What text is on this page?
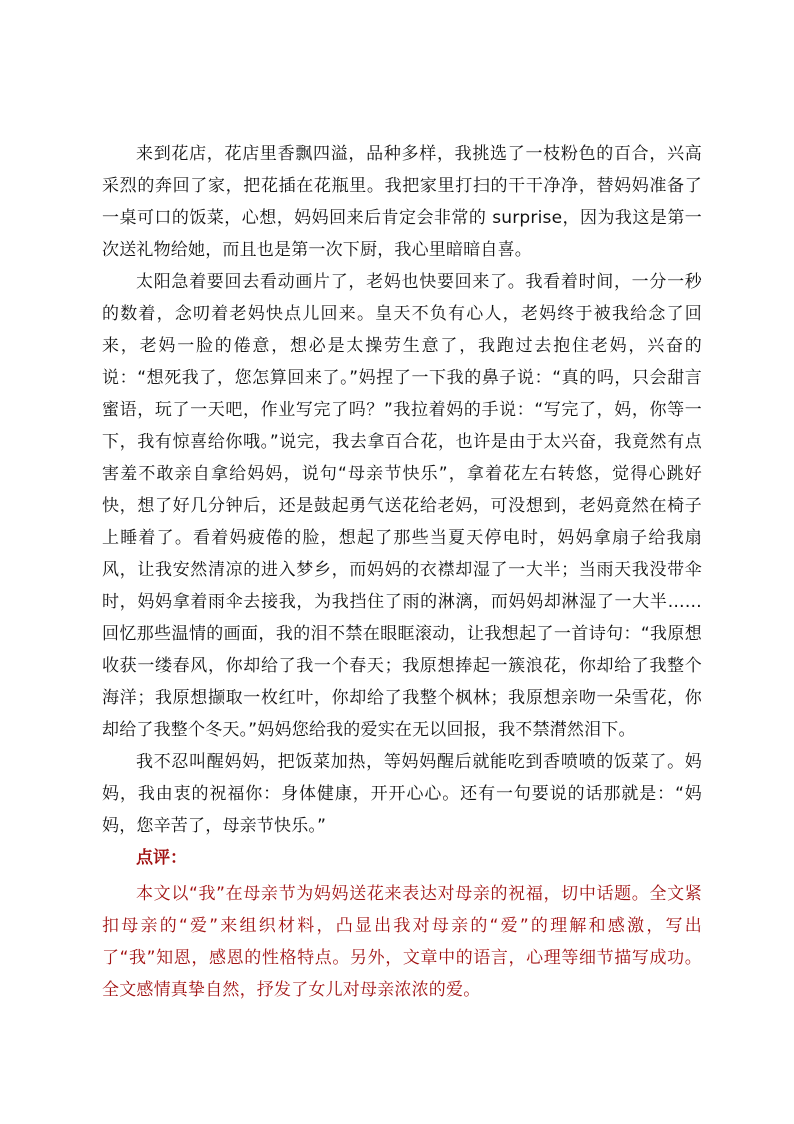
来到花店，花店里香飘四溢，品种多样，我挑选了一枝粉色的百合，兴高采烈的奔回了家，把花插在花瓶里。我把家里打扫的干干净净，替妈妈准备了一桌可口的饭菜，心想，妈妈回来后肯定会非常的 surprise，因为我这是第一次送礼物给她，而且也是第一次下厨，我心里暗暗自喜。

太阳急着要回去看动画片了，老妈也快要回来了。我看着时间，一分一秒的数着，念叨着老妈快点儿回来。皇天不负有心人，老妈终于被我给念了回来，老妈一脸的倦意，想必是太操劳生意了，我跑过去抱住老妈，兴奋的说：“想死我了，您怎算回来了。”妈捏了一下我的鼻子说：“真的吗，只会甜言蜜语，玩了一天吧，作业写完了吗？”我拉着妈的手说：“写完了，妈，你等一下，我有惊喜给你哦。”说完，我去拿百合花，也许是由于太兴奋，我竟然有点害羞不敢亲自拿给妈妈，说句“母亲节快乐”，拿着花左右转悠，觉得心跳好快，想了好几分钟后，还是鼓起勇气送花给老妈，可没想到，老妈竟然在椅子上睡着了。看着妈疲倦的脸，想起了那些当夏天停电时，妈妈拿扇子给我扇风，让我安然清凉的进入梦乡，而妈妈的衣襟却湿了一大半；当雨天我没带伞时，妈妈拿着雨伞去接我，为我挡住了雨的淋漓，而妈妈却淋湿了一大半……回忆那些温情的画面，我的泪不禁在眼眶滚动，让我想起了一首诗句：“我原想收获一缕春风，你却给了我一个春天；我原想捧起一簇浪花，你却给了我整个海洋；我原想撷取一枚红叶，你却给了我整个枫林；我原想亲吻一朵雪花，你却给了我整个冬天。”妈妈您给我的爱实在无以回报，我不禁潸然泪下。

我不忍叫醒妈妈，把饭菜加热，等妈妈醒后就能吃到香喷喷的饭菜了。妈妈，我由衷的祝福你：身体健康，开开心心。还有一句要说的话那就是：“妈妈，您辛苦了，母亲节快乐。”

点评：

本文以“我”在母亲节为妈妈送花来表达对母亲的祝福，切中话题。全文紧扣母亲的“爱”来组织材料，凸显出我对母亲的“爱”的理解和感激，写出了“我”知恩，感恩的性格特点。另外，文章中的语言，心理等细节描写成功。全文感情真挚自然，抒发了女儿对母亲浓浓的爱。
